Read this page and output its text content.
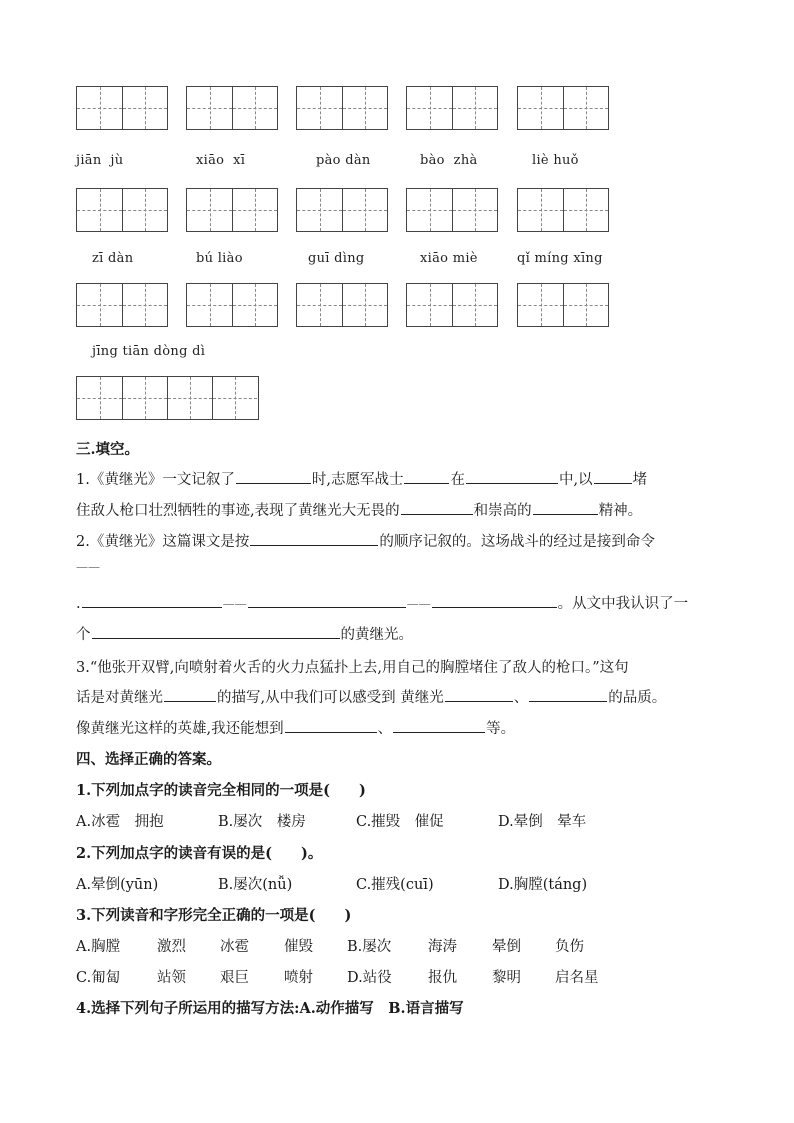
jiān  jù	xiāo  xī	pào dàn	bào  zhà	liè huǒ
zī dàn	bú liào	guī dìng	xiāo miè	qǐ míng xīng
jīng tiān dòng dì
三.填空。
1.《黄继光》一文记叙了	时,志愿军战士	在	中,以	堵
住敌人枪口壮烈牺牲的事迹,表现了黄继光大无畏的	和崇高的	精神。
2.《黄继光》这篇课文是按	的顺序记叙的。这场战斗的经过是接到命令
——
.	——	——	。从文中我认识了一
个	的黄继光。
3.“他张开双臂,向喷射着火舌的火力点猛扑上去,用自己的胸膛堵住了敌人的枪口。”这句
话是对黄继光	的描写,从中我们可以感受到 黄继光	、	的品质。
像黄继光这样的英雄,我还能想到	、	等。
四、选择正确的答案。
1.下列加点字的读音完全相同的一项是(　　)
A.冰雹　拥抱	B.屡次　楼房	C.摧毁　催促	D.晕倒　晕车
2.下列加点字的读音有误的是(　　)。
A.晕倒(yūn)	B.屡次(nǚ)	C.摧残(cuī)	D.胸膛(táng)
3.下列读音和字形完全正确的一项是(　　)
A.胸膛	激烈 冰雹 催毁 B.屡次	海涛 晕倒 负伤
C.匍匐	站领 艰巨 喷射 D.站役	报仇 黎明 启名星
4.选择下列句子所运用的描写方法:A.动作描写　B.语言描写
